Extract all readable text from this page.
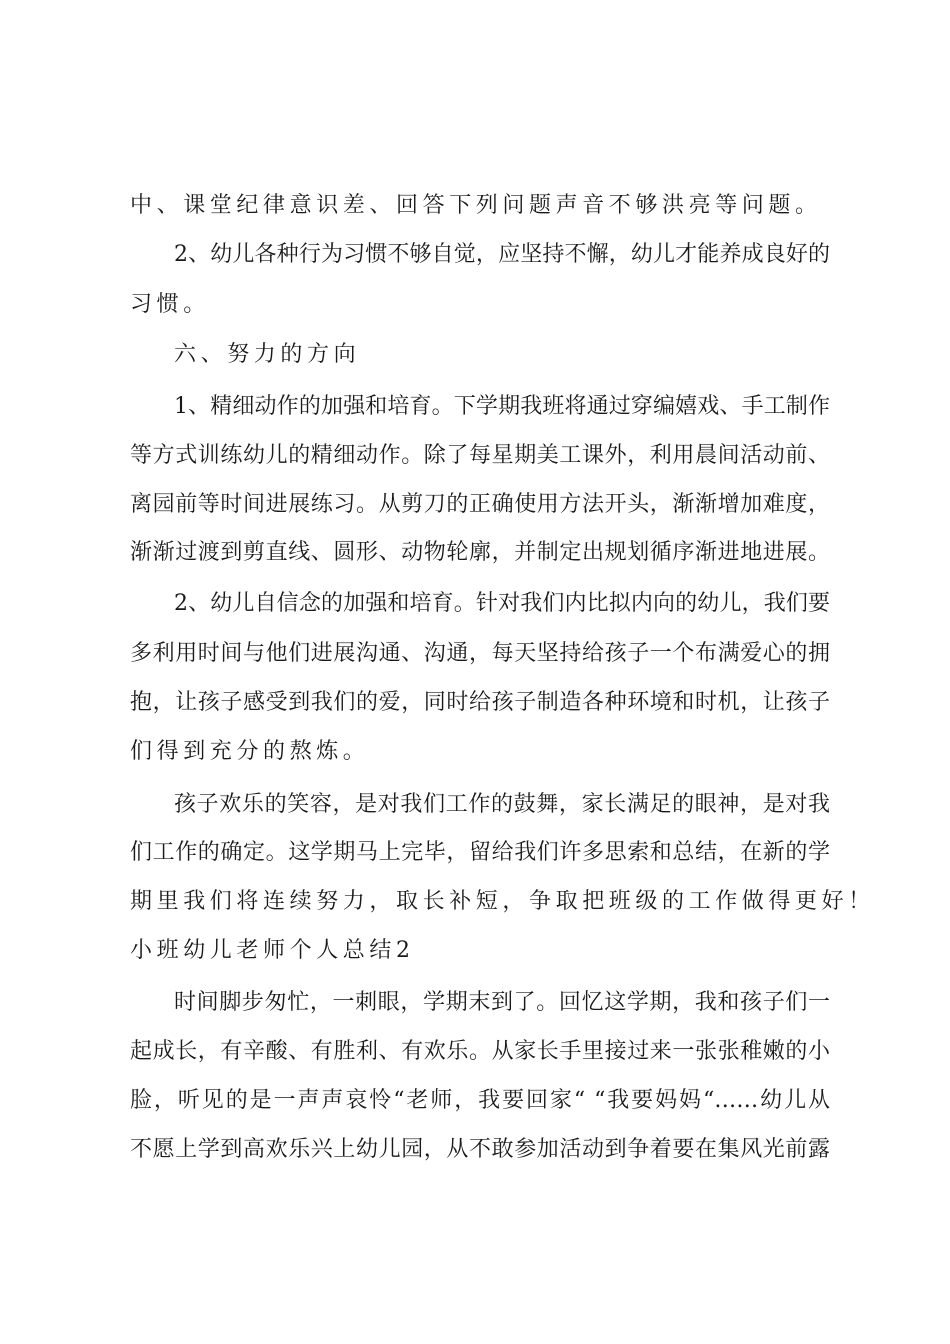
中、课堂纪律意识差、回答下列问题声音不够洪亮等问题。
2、幼儿各种行为习惯不够自觉，应坚持不懈，幼儿才能养成良好的
习惯。
六、努力的方向
1、精细动作的加强和培育。下学期我班将通过穿编嬉戏、手工制作
等方式训练幼儿的精细动作。除了每星期美工课外，利用晨间活动前、
离园前等时间进展练习。从剪刀的正确使用方法开头，渐渐增加难度，
渐渐过渡到剪直线、圆形、动物轮廓，并制定出规划循序渐进地进展。
2、幼儿自信念的加强和培育。针对我们内比拟内向的幼儿，我们要
多利用时间与他们进展沟通、沟通，每天坚持给孩子一个布满爱心的拥
抱，让孩子感受到我们的爱，同时给孩子制造各种环境和时机，让孩子
们得到充分的熬炼。
孩子欢乐的笑容，是对我们工作的鼓舞，家长满足的眼神，是对我
们工作的确定。这学期马上完毕，留给我们许多思索和总结，在新的学
期里我们将连续努力，取长补短，争取把班级的工作做得更好！
小班幼儿老师个人总结2
时间脚步匆忙，一刺眼，学期末到了。回忆这学期，我和孩子们一
起成长，有辛酸、有胜利、有欢乐。从家长手里接过来一张张稚嫩的小
脸，听见的是一声声哀怜“老师，我要回家“ “我要妈妈“……幼儿从
不愿上学到高欢乐兴上幼儿园，从不敢参加活动到争着要在集风光前露
